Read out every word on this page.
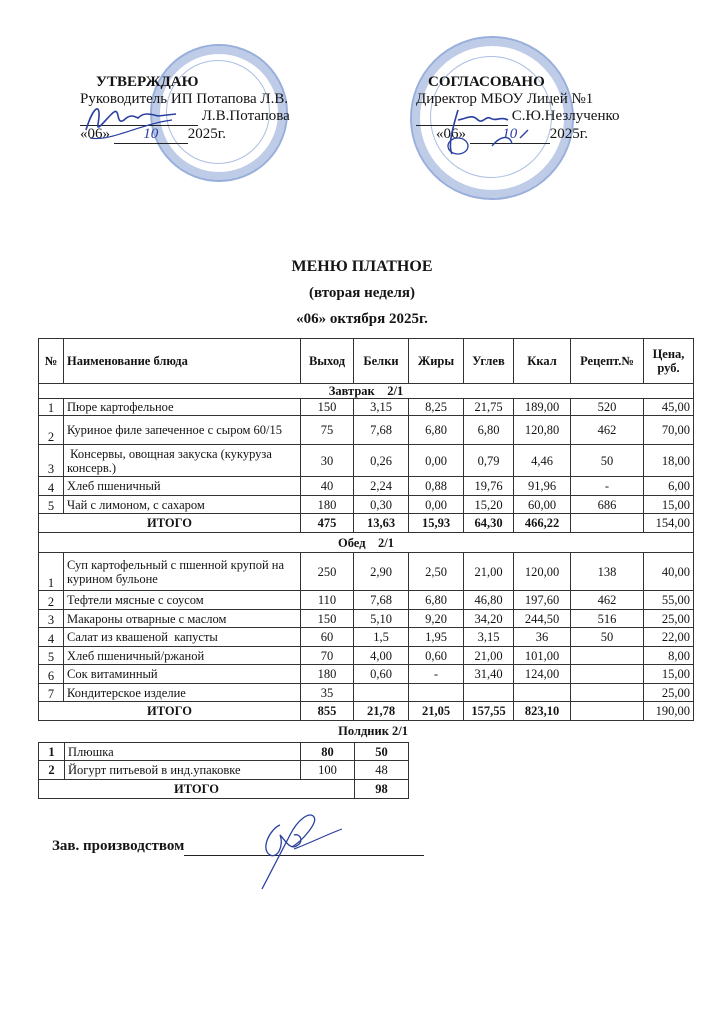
УТВЕРЖДАЮ
Руководитель ИП Потапова Л.В.
Л.В.Потапова
«06» 10 2025г.
СОГЛАСОВАНО
Директор МБОУ Лицей №1
С.Ю.Незлученко
«06» 10 2025г.
МЕНЮ ПЛАТНОЕ
(вторая неделя)
«06» октября 2025г.
№	Наименование блюда	Выход	Белки	Жиры	Углев	Ккал	Рецепт.№	Цена, руб.
Завтрак    2/1								
1	Пюре картофельное	150	3,15	8,25	21,75	189,00	520	45,00
2	Куриное филе запеченное с сыром 60/15	75	7,68	6,80	6,80	120,80	462	70,00
3	Консервы, овощная закуска (кукуруза консерв.)	30	0,26	0,00	0,79	4,46	50	18,00
4	Хлеб пшеничный	40	2,24	0,88	19,76	91,96	-	6,00
5	Чай с лимоном, с сахаром	180	0,30	0,00	15,20	60,00	686	15,00
ИТОГО		475	13,63	15,93	64,30	466,22		154,00
Обед    2/1								
1	Суп картофельный с пшенной крупой на курином бульоне	250	2,90	2,50	21,00	120,00	138	40,00
2	Тефтели мясные с соусом	110	7,68	6,80	46,80	197,60	462	55,00
3	Макароны отварные с маслом	150	5,10	9,20	34,20	244,50	516	25,00
4	Салат из квашеной  капусты	60	1,5	1,95	3,15	36	50	22,00
5	Хлеб пшеничный/ржаной	70	4,00	0,60	21,00	101,00		8,00
6	Сок витаминный	180	0,60	-	31,40	124,00		15,00
7	Кондитерское изделие	35						25,00
ИТОГО		855	21,78	21,05	157,55	823,10		190,00
Полдник 2/1
1	Плюшка	80	50
2	Йогурт питьевой в инд.упаковке	100	48
ИТОГО			98
Зав. производством
